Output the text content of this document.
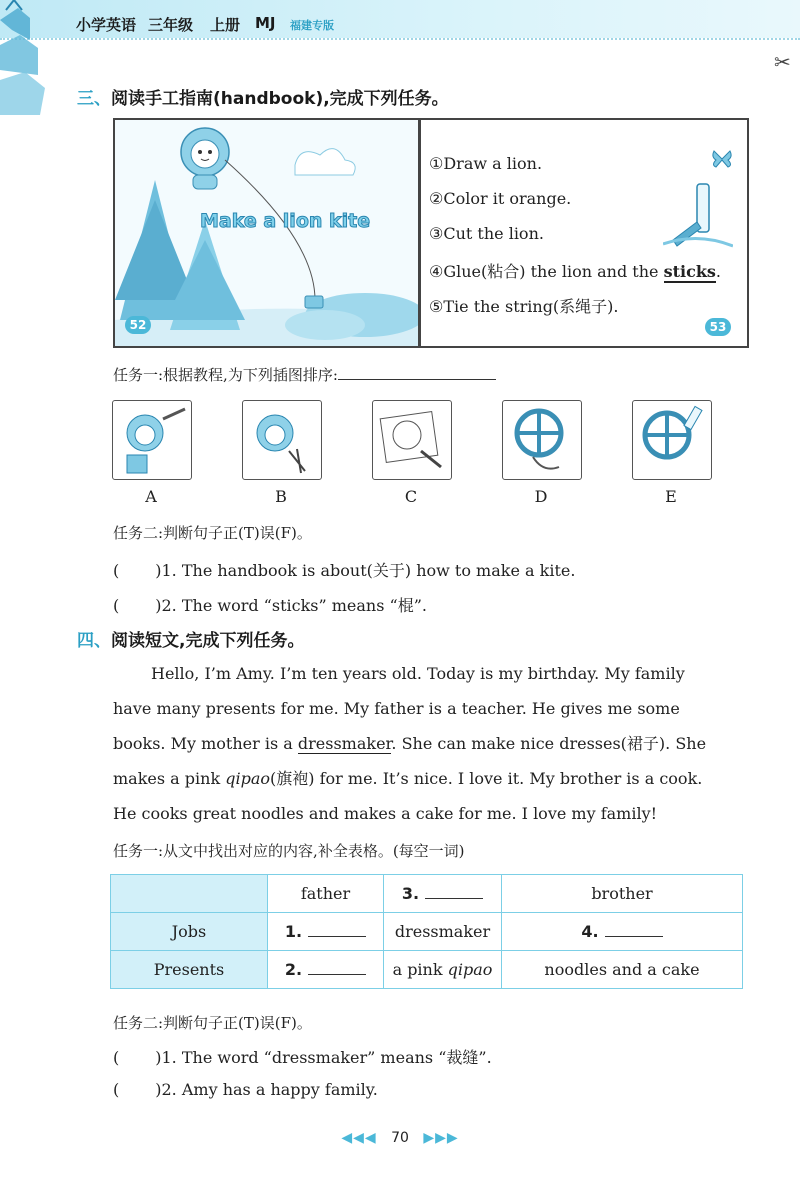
小学英语 三年级 上册 MJ 福建专版
✂
三、阅读手工指南(handbook),完成下列任务。
Make a lion kite
52
①Draw a lion.
②Color it orange.
③Cut the lion.
④Glue(粘合) the lion and the sticks.
⑤Tie the string(系绳子).
53
任务一:根据教程,为下列插图排序:
A	B	C	D	E
任务二:判断句子正(T)误(F)。
( )1. The handbook is about(关于) how to make a kite.
( )2. The word “sticks” means “棍”.
四、阅读短文,完成下列任务。
Hello, I’m Amy. I’m ten years old. Today is my birthday. My family
have many presents for me. My father is a teacher. He gives me some
books. My mother is a dressmaker. She can make nice dresses(裙子). She
makes a pink qipao(旗袍) for me. It’s nice. I love it. My brother is a cook.
He cooks great noodles and makes a cake for me. I love my family!
任务一:从文中找出对应的内容,补全表格。(每空一词)
	father	3.	brother
Jobs	1.	dressmaker	4.
Presents	2.	a pink qipao	noodles and a cake
任务二:判断句子正(T)误(F)。
( )1. The word “dressmaker” means “裁缝”.
( )2. Amy has a happy family.
◀◀◀ 70 ▶▶▶
